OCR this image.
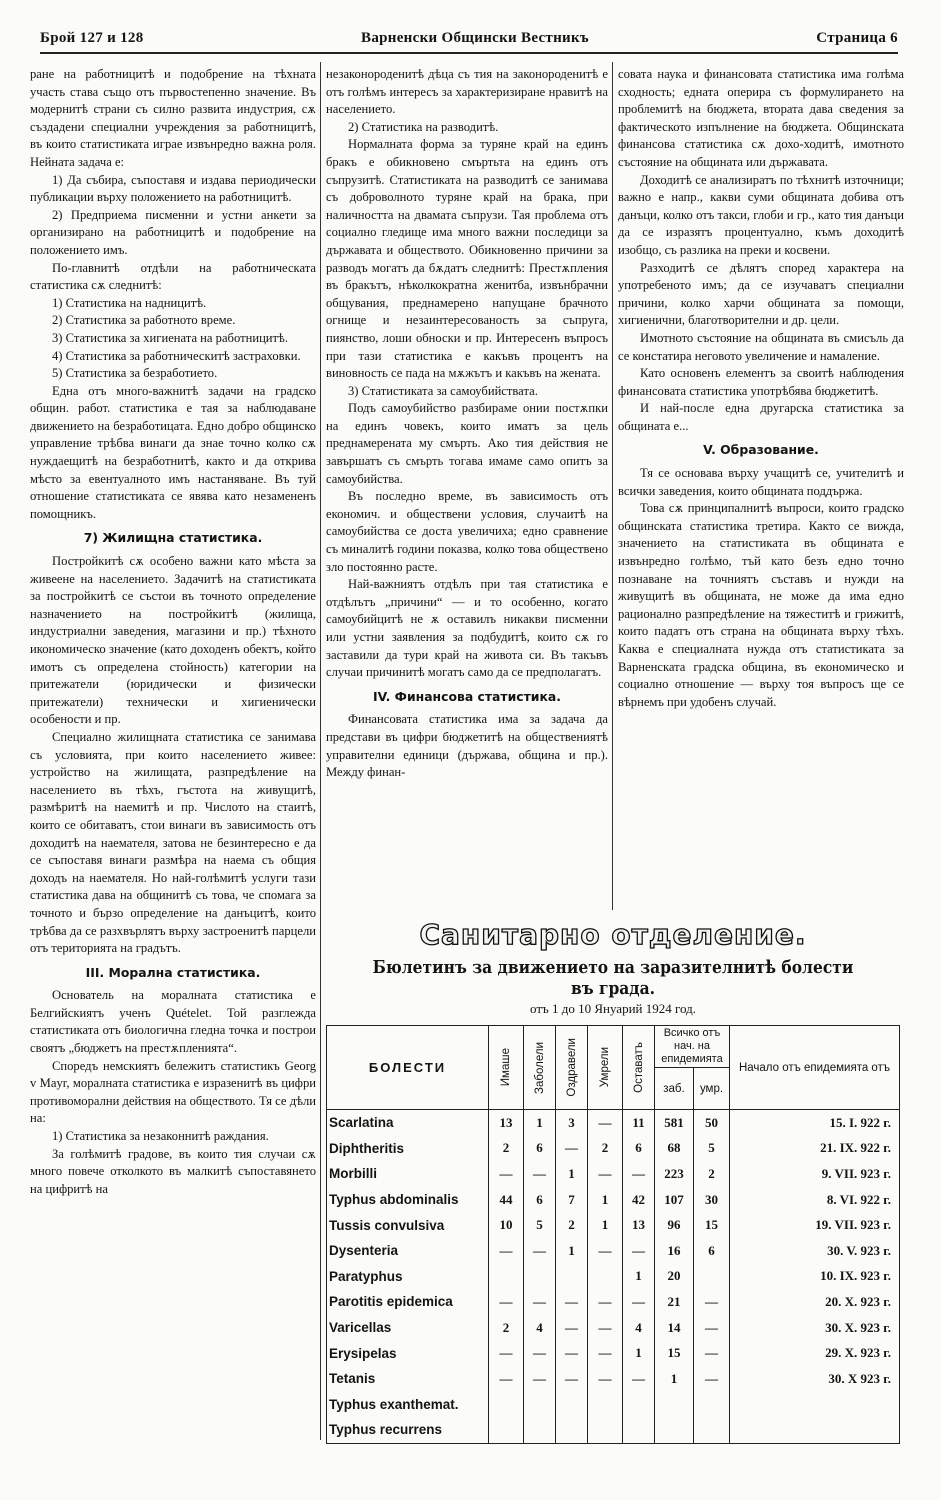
Брой 127 и 128	Варненски Общински Вестникъ	Страница 6

ране на работницитѣ и подобрение на тѣхната участь става също отъ първостепенно значение. Въ модернитѣ страни съ силно развита индустрия, сѫ създадени специални учреждения за работницитѣ, въ които статистиката играе извънредно важна роля. Нейната задача е:

1) Да събира, съпоставя и издава периодически публикации върху положението на работницитѣ.

2) Предприема писменни и устни анкети за организирано на работницитѣ и подобрение на положението имъ.

По-главнитѣ отдѣли на работническата статистика сѫ следнитѣ:

1) Статистика на надницитѣ.

2) Статистика за работното време.

3) Статистика за хигиената на работницитѣ.

4) Статистика за работническитѣ застраховки.

5) Статистика за безработието.

Една отъ много-важнитѣ задачи на градско общин. работ. статистика е тая за наблюдаване движението на безработицата. Едно добро общинско управление трѣбва винаги да знае точно колко сѫ нуждаещитѣ на безработнитѣ, както и да открива мѣсто за евентуалното имъ настаняване. Въ туй отношение статистиката се явява като незамененъ помощникъ.

7) Жилищна статистика.

Постройкитѣ сѫ особено важни като мѣста за живеене на населението. Задачитѣ на статистиката за постройкитѣ се състои въ точното определение назначението на постройкитѣ (жилища, индустриални заведения, магазини и пр.) тѣхното икономическо значение (като доходенъ обектъ, който имотъ съ определена стойность) категории на притежатели (юридически и физически притежатели) технически и хигиенически особености и пр.

Специално жилищната статистика се занимава съ условията, при които населението живее: устройство на жилищата, разпредѣление на населението въ тѣхъ, гъстота на живущитѣ, размѣритѣ на наемитѣ и пр. Числото на стаитѣ, които се обитаватъ, стои винаги въ зависимость отъ доходитѣ на наемателя, затова не безинтересно е да се съпоставя винаги размѣра на наема съ общия доходъ на наемателя. Но най-голѣмитѣ услуги тази статистика дава на общинитѣ съ това, че спомага за точното и бързо определение на данъцитѣ, които трѣбва да се разхвърлятъ върху застроенитѣ парцели отъ територията на градътъ.

III. Морална статистика.

Основатель на моралната статистика е Белгийскиятъ ученъ Quételet. Той разглежда статистиката отъ биологична гледна точка и построи своятъ „бюджетъ на престѫпленията“.

Споредъ немскиятъ бележитъ статистикъ Georg v Mayr, моралната статистика е изразенитѣ въ цифри противоморални действия на обществото. Тя се дѣли на:

1) Статистика за незаконнитѣ раждания.

За голѣмитѣ градове, въ които тия случаи сѫ много повече отколкото въ малкитѣ съпоставянето на цифритѣ на

незаконороденитѣ дѣца съ тия на законороденитѣ е отъ голѣмъ интересъ за характеризиране нравитѣ на населението.

2) Статистика на разводитѣ.

Нормалната форма за туряне край на единъ бракъ е обикновено смъртьта на единъ отъ съпрузитѣ. Статистиката на разводитѣ се занимава съ доброволното туряне край на брака, при наличността на двамата съпрузи. Тая проблема отъ социално гледище има много важни последици за държавата и обществото. Обикновенно причини за разводъ могатъ да бѫдатъ следнитѣ: Престѫпления въ бракътъ, нѣколкократна женитба, извънбрачни общувания, преднамерено напущане брачното огнище и незаинтересованость за съпруга, пиянство, лоши обноски и пр. Интересенъ въпросъ при тази статистика е какъвъ процентъ на виновность се пада на мѫжътъ и какъвъ на жената.

3) Статистиката за самоубийствата.

Подъ самоубийство разбираме онии постѫпки на единъ човекъ, които иматъ за цель преднамерената му смърть. Ако тия действия не завършатъ съ смърть тогава имаме само опитъ за самоубийства.

Въ последно време, въ зависимость отъ економич. и обществени условия, случаитѣ на самоубийства се доста увеличиха; едно сравнение съ миналитѣ години показва, колко това обществено зло постоянно расте.

Най-важниятъ отдѣлъ при тая статистика е отдѣлътъ „причини“ — и то особенно, когато самоубийцитѣ не ѫ оставилъ никакви писменни или устни заявления за подбудитѣ, които сѫ го заставили да тури край на живота си. Въ такъвъ случаи причинитѣ могатъ само да се предполагатъ.

IV. Финансова статистика.

Финансовата статистика има за задача да представи въ цифри бюджетитѣ на обществениятѣ управителни единици (държава, община и пр.). Между финан-

совата наука и финансовата статистика има голѣма сходность; едната оперира съ формулирането на проблемитѣ на бюджета, втората дава сведения за фактическото изпълнение на бюджета. Общинската финансова статистика сѫ дохо-ходитѣ, имотното състояние на общината или държавата.

Доходитѣ се анализиратъ по тѣхнитѣ източници; важно е напр., какви суми общината добива отъ данъци, колко отъ такси, глоби и гр., като тия данъци да се изразятъ процентуално, къмъ доходитѣ изобщо, съ разлика на преки и косвени.

Разходитѣ се дѣлятъ според характера на употребеното имъ; да се изучаватъ специални причини, колко харчи общината за помощи, хигиенични, благотворителни и др. цели.

Имотното състояние на общината въ смисъль да се констатира неговото увеличение и намаление.

Като основенъ елементъ за своитѣ наблюдения финансовата статистика употрѣбява бюджетитѣ.

И най-после една другарска статистика за общината е...

V. Образование.

Тя се основава върху учащитѣ се, учителитѣ и всички заведения, които общината поддържа.

Това сѫ принципалнитѣ въпроси, които градско общинската статистика третира. Както се вижда, значението на статистиката въ общината е извънредно голѣмо, тъй като безъ едно точно познаване на точниятъ съставъ и нужди на живущитѣ въ общината, не може да има едно рационално разпредѣление на тяжеститѣ и грижитѣ, които падатъ отъ страна на общината върху тѣхъ. Каква е специалната нужда отъ статистиката за Варненската градска община, въ економическо и социално отношение — върху тоя въпросъ ще се вѣрнемъ при удобенъ случай.

Санитарно отделение.
Бюлетинъ за движението на заразителнитѣ болести въ града.
отъ 1 до 10 Януарий 1924 год.
БОЛЕСТИ	Имаше	Заболели	Оздравели	Умрели	Оставатъ	Всичко отъ нач. на епидемията		Начало отъ епидемията отъ
						заб.	умр.	
Scarlatina	13	1	3	—	11	581	50	15. I. 922 г.
Diphtheritis	2	6	—	2	6	68	5	21. IX. 922 г.
Morbilli	—	—	1	—	—	223	2	9. VII. 923 г.
Typhus abdominalis	44	6	7	1	42	107	30	8. VI. 922 г.
Tussis convulsiva	10	5	2	1	13	96	15	19. VII. 923 г.
Dysenteria	—	—	1	—	—	16	6	30. V. 923 г.
Paratyphus					1	20		10. IX. 923 г.
Parotitis epidemica	—	—	—	—	—	21	—	20. X. 923 г.
Varicellas	2	4	—	—	4	14	—	30. X. 923 г.
Erysipelas	—	—	—	—	1	15	—	29. X. 923 г.
Tetanis	—	—	—	—	—	1	—	30. X 923 г.
Typhus exanthemat.								
Typhus recurrens								
